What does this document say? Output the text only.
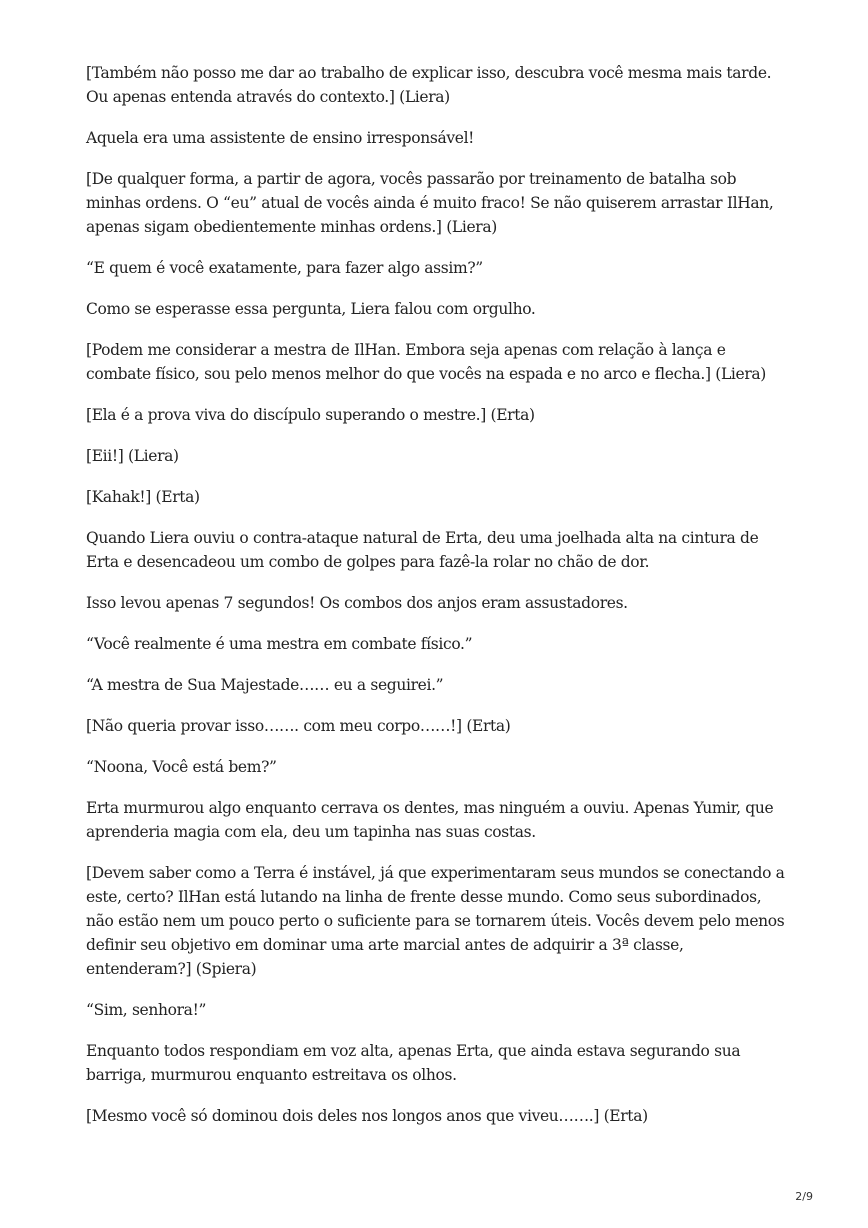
[Também não posso me dar ao trabalho de explicar isso, descubra você mesma mais tarde. Ou apenas entenda através do contexto.] (Liera)

Aquela era uma assistente de ensino irresponsável!

[De qualquer forma, a partir de agora, vocês passarão por treinamento de batalha sob minhas ordens. O “eu” atual de vocês ainda é muito fraco! Se não quiserem arrastar IlHan, apenas sigam obedientemente minhas ordens.] (Liera)

“E quem é você exatamente, para fazer algo assim?”

Como se esperasse essa pergunta, Liera falou com orgulho.

[Podem me considerar a mestra de IlHan. Embora seja apenas com relação à lança e combate físico, sou pelo menos melhor do que vocês na espada e no arco e flecha.] (Liera)

[Ela é a prova viva do discípulo superando o mestre.] (Erta)

[Eii!] (Liera)

[Kahak!] (Erta)

Quando Liera ouviu o contra-ataque natural de Erta, deu uma joelhada alta na cintura de Erta e desencadeou um combo de golpes para fazê-la rolar no chão de dor.

Isso levou apenas 7 segundos! Os combos dos anjos eram assustadores.

“Você realmente é uma mestra em combate físico.”

“A mestra de Sua Majestade…… eu a seguirei.”

[Não queria provar isso……. com meu corpo……!] (Erta)

“Noona, Você está bem?”

Erta murmurou algo enquanto cerrava os dentes, mas ninguém a ouviu. Apenas Yumir, que aprenderia magia com ela, deu um tapinha nas suas costas.

[Devem saber como a Terra é instável, já que experimentaram seus mundos se conectando a este, certo? IlHan está lutando na linha de frente desse mundo. Como seus subordinados, não estão nem um pouco perto o suficiente para se tornarem úteis. Vocês devem pelo menos definir seu objetivo em dominar uma arte marcial antes de adquirir a 3ª classe, entenderam?] (Spiera)

“Sim, senhora!”

Enquanto todos respondiam em voz alta, apenas Erta, que ainda estava segurando sua barriga, murmurou enquanto estreitava os olhos.

[Mesmo você só dominou dois deles nos longos anos que viveu…….] (Erta)

2/9
